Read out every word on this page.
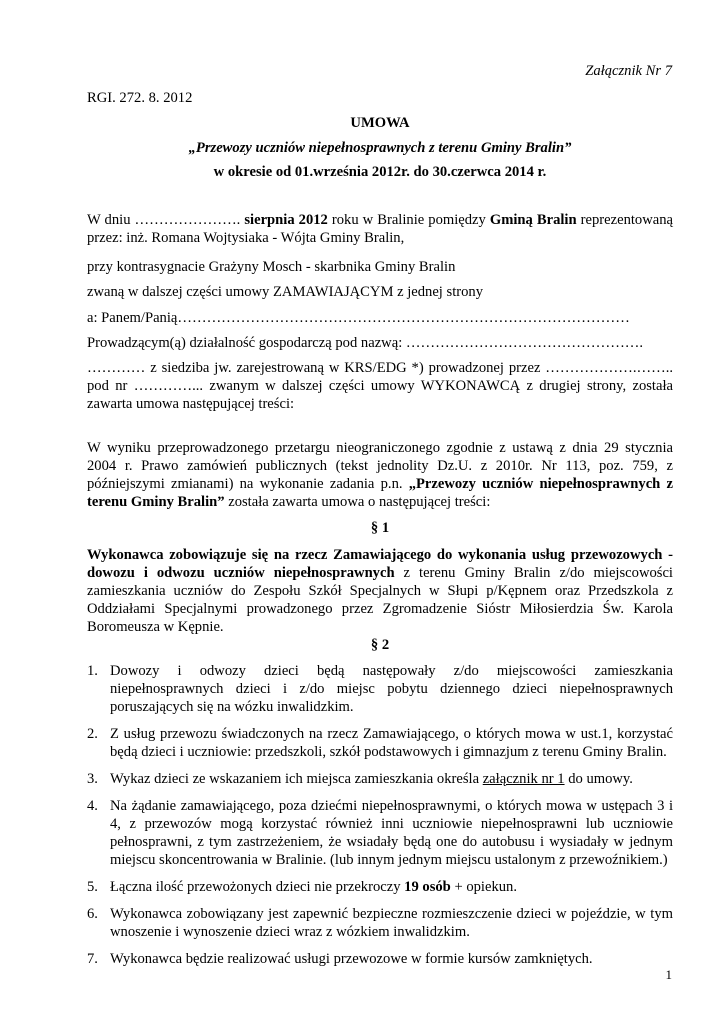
Załącznik Nr 7

RGI. 272. 8. 2012

UMOWA

„Przewozy uczniów niepełnosprawnych z terenu Gminy Bralin”

w okresie od 01.września 2012r. do 30.czerwca 2014 r.

W dniu …………………. sierpnia 2012 roku w Bralinie pomiędzy Gminą Bralin reprezentowaną przez: inż. Romana Wojtysiaka - Wójta Gminy Bralin,

przy kontrasygnacie Grażyny Mosch - skarbnika Gminy Bralin

zwaną w dalszej części umowy ZAMAWIAJĄCYM z jednej strony

a: Panem/Panią…………………………………………………………………………………

Prowadzącym(ą) działalność gospodarczą pod nazwą: ………………………………………….

………… z siedziba jw. zarejestrowaną w KRS/EDG *) prowadzonej przez ……………….…….. pod nr …………... zwanym w dalszej części umowy WYKONAWCĄ z drugiej strony, została zawarta umowa następującej treści:

W wyniku przeprowadzonego przetargu nieograniczonego zgodnie z ustawą z dnia 29 stycznia 2004 r. Prawo zamówień publicznych (tekst jednolity Dz.U. z 2010r. Nr 113, poz. 759, z późniejszymi zmianami) na wykonanie zadania p.n. „Przewozy uczniów niepełnosprawnych z terenu Gminy Bralin” została zawarta umowa o następującej treści:

§ 1

Wykonawca zobowiązuje się na rzecz Zamawiającego do wykonania usług przewozowych - dowozu i odwozu uczniów niepełnosprawnych z terenu Gminy Bralin z/do miejscowości zamieszkania uczniów do Zespołu Szkół Specjalnych w Słupi p/Kępnem oraz Przedszkola z Oddziałami Specjalnymi prowadzonego przez Zgromadzenie Sióstr Miłosierdzia Św. Karola Boromeusza w Kępnie.

§ 2

1. Dowozy i odwozy dzieci będą następowały z/do miejscowości zamieszkania niepełnosprawnych dzieci i z/do miejsc pobytu dziennego dzieci niepełnosprawnych poruszających się na wózku inwalidzkim.
2. Z usług przewozu świadczonych na rzecz Zamawiającego, o których mowa w ust.1, korzystać będą dzieci i uczniowie: przedszkoli, szkół podstawowych i gimnazjum z terenu Gminy Bralin.
3. Wykaz dzieci ze wskazaniem ich miejsca zamieszkania określa załącznik nr 1 do umowy.
4. Na żądanie zamawiającego, poza dziećmi niepełnosprawnymi, o których mowa w ustępach 3 i 4, z przewozów mogą korzystać również inni uczniowie niepełnosprawni lub uczniowie pełnosprawni, z tym zastrzeżeniem, że wsiadały będą one do autobusu i wysiadały w jednym miejscu skoncentrowania w Bralinie. (lub innym jednym miejscu ustalonym z przewoźnikiem.)
5. Łączna ilość przewożonych dzieci nie przekroczy 19 osób + opiekun.
6. Wykonawca zobowiązany jest zapewnić bezpieczne rozmieszczenie dzieci w pojeździe, w tym wnoszenie i wynoszenie dzieci wraz z wózkiem inwalidzkim.
7. Wykonawca będzie realizować usługi przewozowe w formie kursów zamkniętych.

1
